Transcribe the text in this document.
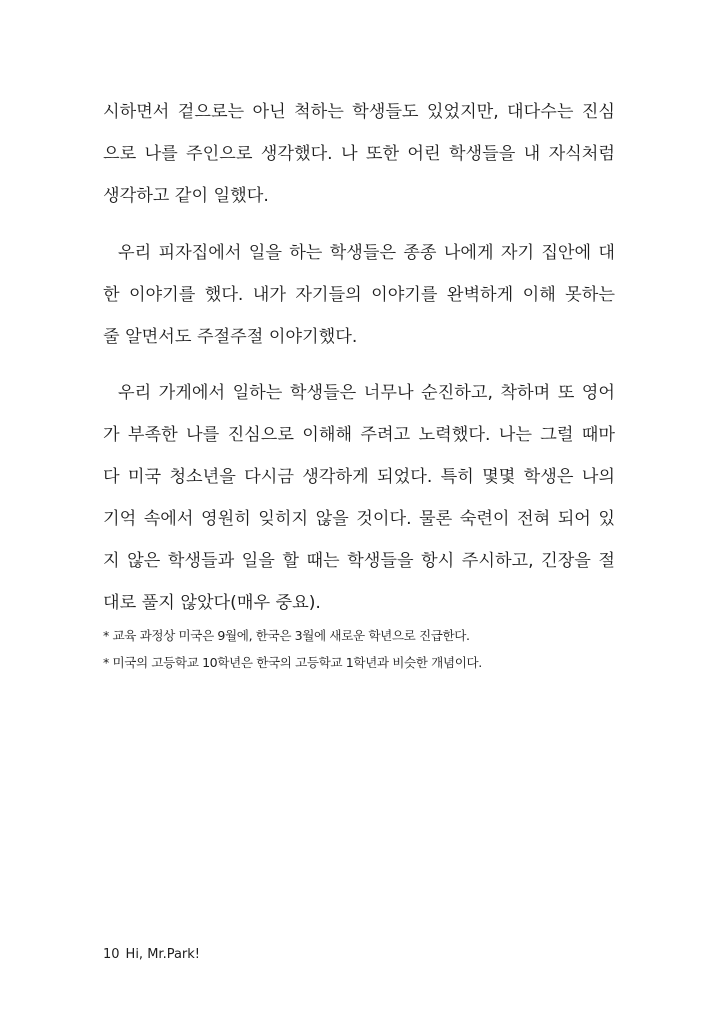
시하면서 겉으로는 아닌 척하는 학생들도 있었지만, 대다수는 진심
으로 나를 주인으로 생각했다. 나 또한 어린 학생들을 내 자식처럼
생각하고 같이 일했다.
우리 피자집에서 일을 하는 학생들은 종종 나에게 자기 집안에 대
한 이야기를 했다. 내가 자기들의 이야기를 완벽하게 이해 못하는
줄 알면서도 주절주절 이야기했다.
우리 가게에서 일하는 학생들은 너무나 순진하고, 착하며 또 영어
가 부족한 나를 진심으로 이해해 주려고 노력했다. 나는 그럴 때마
다 미국 청소년을 다시금 생각하게 되었다. 특히 몇몇 학생은 나의
기억 속에서 영원히 잊히지 않을 것이다. 물론 숙련이 전혀 되어 있
지 않은 학생들과 일을 할 때는 학생들을 항시 주시하고, 긴장을 절
대로 풀지 않았다(매우 중요).
* 교육 과정상 미국은 9월에, 한국은 3월에 새로운 학년으로 진급한다.
* 미국의 고등학교 10학년은 한국의 고등학교 1학년과 비슷한 개념이다.
10 Hi, Mr.Park!
